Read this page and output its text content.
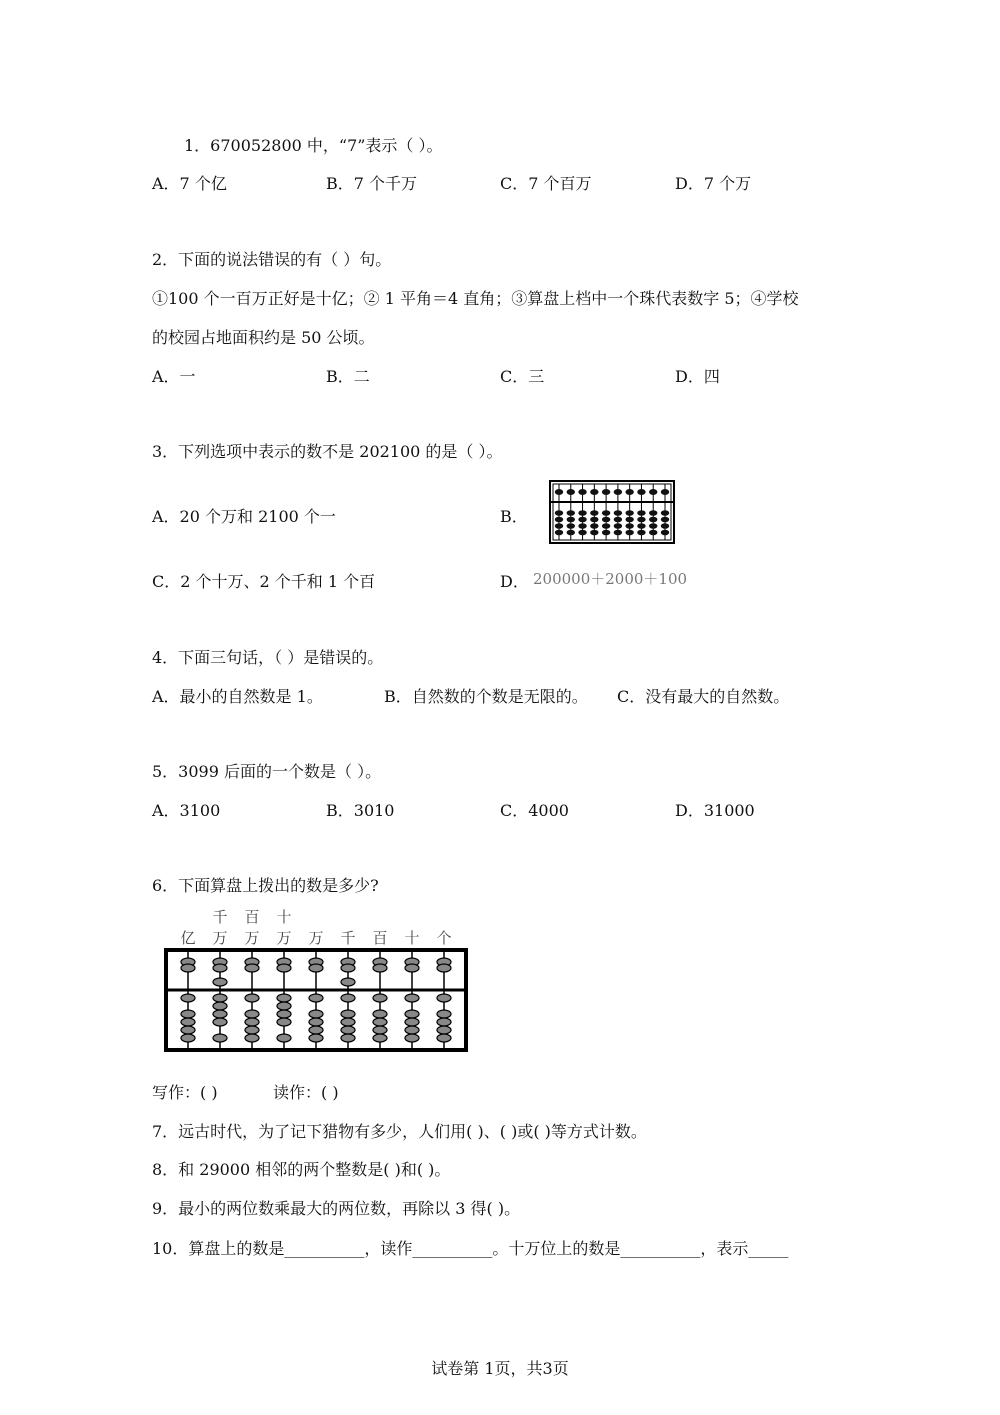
1．670052800 中，“7”表示（ ）。
A．7 个亿	B．7 个千万	C．7 个百万	D．7 个万
2．下面的说法错误的有（ ）句。
①100 个一百万正好是十亿；② 1 平角＝4 直角；③算盘上档中一个珠代表数字 5；④学校
的校园占地面积约是 50 公顷。
A．一	B．二	C．三	D．四
3．下列选项中表示的数不是 202100 的是（ ）。
A．20 个万和 2100 个一	B．
C．2 个十万、2 个千和 1 个百	D． 200000＋2000＋100
4．下面三句话，（ ）是错误的。
A．最小的自然数是 1。	B．自然数的个数是无限的。 C．没有最大的自然数。
5．3099 后面的一个数是（ ）。
A．3100	B．3010	C．4000	D．31000
6．下面算盘上拨出的数是多少?
千 百 十
亿 万 万 万 万 千 百 十 个
写作：( )	读作：( )
7．远古时代，为了记下猎物有多少，人们用( )、( )或( )等方式计数。
8．和 29000 相邻的两个整数是( )和( )。
9．最小的两位数乘最大的两位数，再除以 3 得( )。
10．算盘上的数是__________，读作__________。十万位上的数是__________，表示_____
试卷第 1页，共3页
